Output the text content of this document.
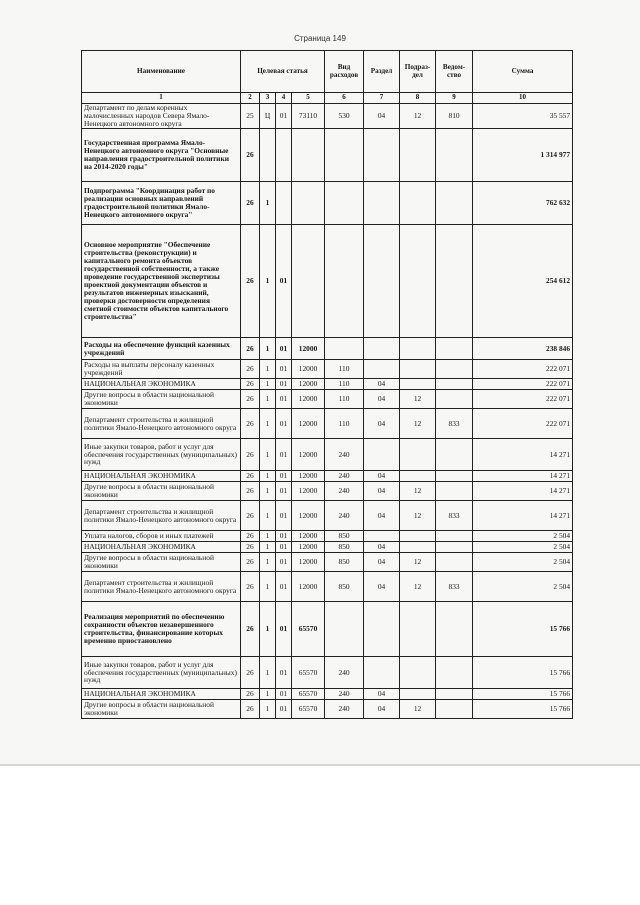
Страница 149
Наименование	Целевая статья				Вид расходов	Раздел	Подраз-дел	Ведом-ство	Сумма
1	2	3	4	5	6	7	8	9	10
Департамент по делам коренных малочисленных народов Севера Ямало-Ненецкого автономного округа	25	Ц	01	73110	530	04	12	810	35 557
Государственная программа Ямало-Ненецкого автономного округа "Основные направления градостроительной политики на 2014-2020 годы"	26								1 314 977
Подпрограмма "Координация работ по реализации основных направлений градостроительной политики Ямало-Ненецкого автономного округа"	26	1							762 632
Основное мероприятие "Обеспечение строительства (реконструкции) и капитального ремонта объектов государственной собственности, а также проведение государственной экспертизы проектной документации объектов и результатов инженерных изысканий, проверки достоверности определения сметной стоимости объектов капитального строительства"	26	1	01						254 612
Расходы на обеспечение функций казенных учреждений	26	1	01	12000					238 846
Расходы на выплаты персоналу казенных учреждений	26	1	01	12000	110				222 071
НАЦИОНАЛЬНАЯ ЭКОНОМИКА	26	1	01	12000	110	04			222 071
Другие вопросы в области национальной экономики	26	1	01	12000	110	04	12		222 071
Департамент строительства и жилищной политики Ямало-Ненецкого автономного округа	26	1	01	12000	110	04	12	833	222 071
Иные закупки товаров, работ и услуг для обеспечения государственных (муниципальных) нужд	26	1	01	12000	240				14 271
НАЦИОНАЛЬНАЯ ЭКОНОМИКА	26	1	01	12000	240	04			14 271
Другие вопросы в области национальной экономики	26	1	01	12000	240	04	12		14 271
Департамент строительства и жилищной политики Ямало-Ненецкого автономного округа	26	1	01	12000	240	04	12	833	14 271
Уплата налогов, сборов и иных платежей	26	1	01	12000	850				2 504
НАЦИОНАЛЬНАЯ ЭКОНОМИКА	26	1	01	12000	850	04			2 504
Другие вопросы в области национальной экономики	26	1	01	12000	850	04	12		2 504
Департамент строительства и жилищной политики Ямало-Ненецкого автономного округа	26	1	01	12000	850	04	12	833	2 504
Реализация мероприятий по обеспечению сохранности объектов незавершенного строительства, финансирование которых временно приостановлено	26	1	01	65570					15 766
Иные закупки товаров, работ и услуг для обеспечения государственных (муниципальных) нужд	26	1	01	65570	240				15 766
НАЦИОНАЛЬНАЯ ЭКОНОМИКА	26	1	01	65570	240	04			15 766
Другие вопросы в области национальной экономики	26	1	01	65570	240	04	12		15 766
